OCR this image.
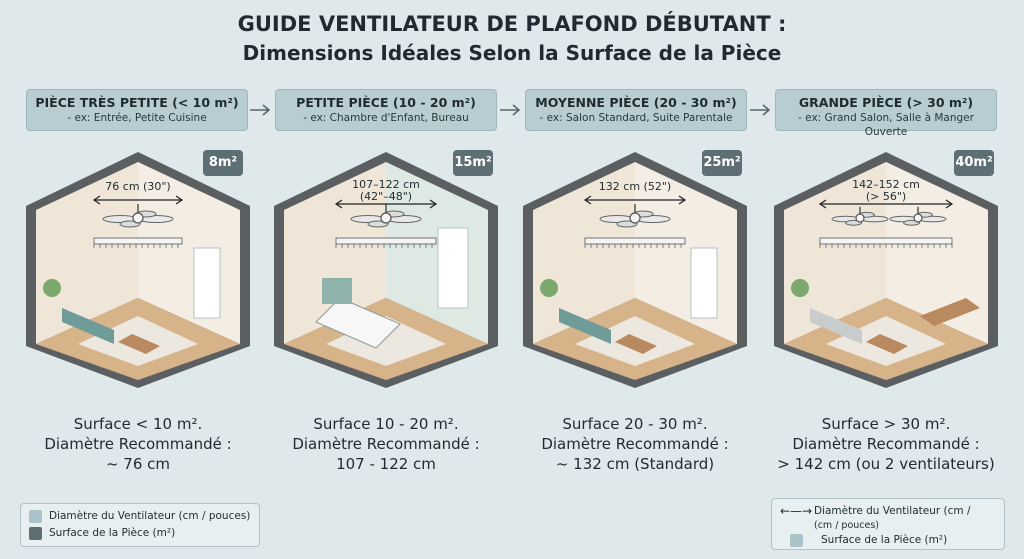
GUIDE VENTILATEUR DE PLAFOND DÉBUTANT :
Dimensions Idéales Selon la Surface de la Pièce
PIÈCE TRÈS PETITE (< 10 m²)
- ex: Entrée, Petite Cuisine
PETITE PIÈCE (10 - 20 m²)
- ex: Chambre d'Enfant, Bureau
MOYENNE PIÈCE (20 - 30 m²)
- ex: Salon Standard, Suite Parentale
GRANDE PIÈCE (> 30 m²)
- ex: Grand Salon, Salle à Manger Ouverte
8m²	15m²	25m²	40m²
76 cm (30")	107–122 cm
(42"–48")
132 cm (52")	142–152 cm
(> 56")
Surface < 10 m².
Diamètre Recommandé :
~ 76 cm
Surface 10 - 20 m².
Diamètre Recommandé :
107 - 122 cm
Surface 20 - 30 m².
Diamètre Recommandé :
~ 132 cm (Standard)
Surface > 30 m².
Diamètre Recommandé :
> 142 cm (ou 2 ventilateurs)
Diamètre du Ventilateur (cm / pouces)
Surface de la Pièce (m²)
←—→ Diamètre du Ventilateur (cm /
(cm / pouces)
Surface de la Pièce (m²)
